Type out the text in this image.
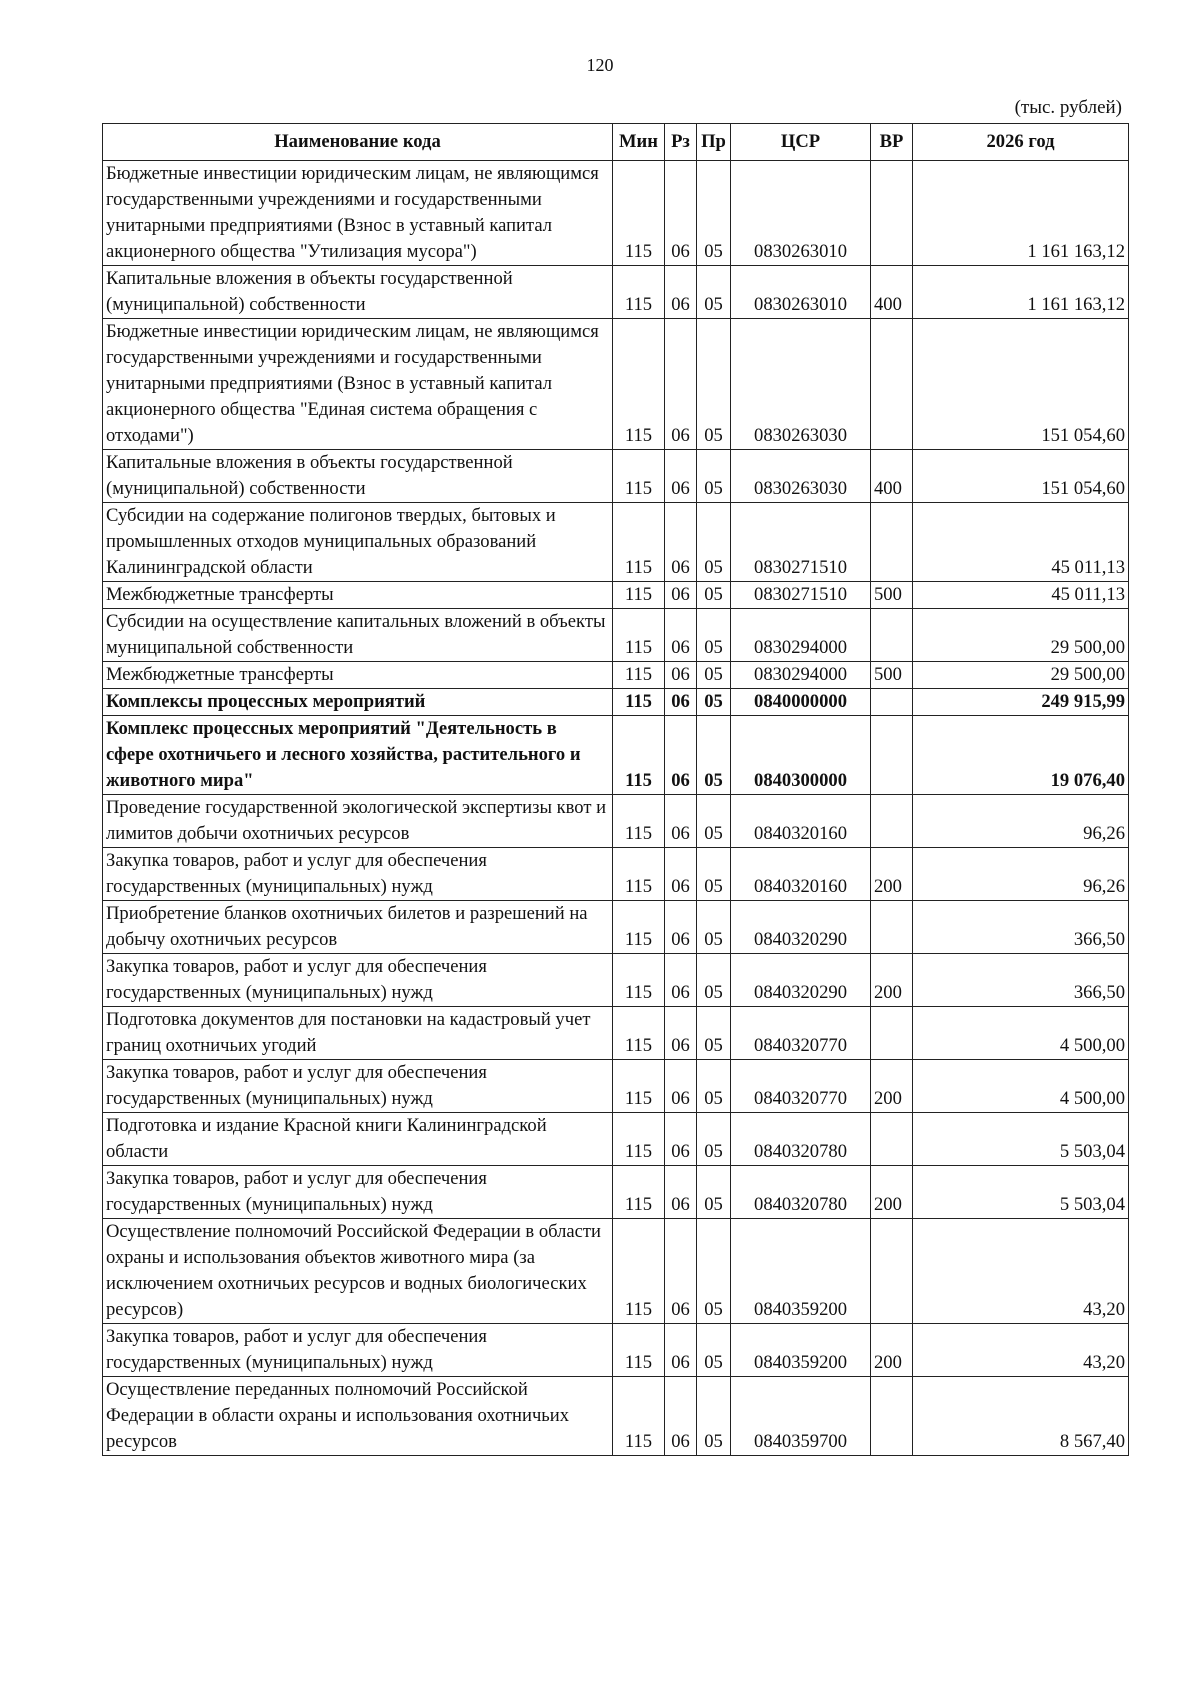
120
(тыс. рублей)
Наименование кода	Мин	Рз	Пр	ЦСР	ВР	2026 год
Бюджетные инвестиции юридическим лицам, не являющимся государственными учреждениями и государственными унитарными предприятиями (Взнос в уставный капитал акционерного общества "Утилизация мусора")	115	06	05	0830263010		1 161 163,12
Капитальные вложения в объекты государственной (муниципальной) собственности	115	06	05	0830263010	400	1 161 163,12
Бюджетные инвестиции юридическим лицам, не являющимся государственными учреждениями и государственными унитарными предприятиями (Взнос в уставный капитал акционерного общества "Единая система обращения с отходами")	115	06	05	0830263030		151 054,60
Капитальные вложения в объекты государственной (муниципальной) собственности	115	06	05	0830263030	400	151 054,60
Субсидии на содержание полигонов твердых, бытовых и промышленных отходов муниципальных образований Калининградской области	115	06	05	0830271510		45 011,13
Межбюджетные трансферты	115	06	05	0830271510	500	45 011,13
Субсидии на осуществление капитальных вложений в объекты муниципальной собственности	115	06	05	0830294000		29 500,00
Межбюджетные трансферты	115	06	05	0830294000	500	29 500,00
Комплексы процессных мероприятий	115	06	05	0840000000		249 915,99
Комплекс процессных мероприятий "Деятельность в сфере охотничьего и лесного хозяйства, растительного и животного мира"	115	06	05	0840300000		19 076,40
Проведение государственной экологической экспертизы квот и лимитов добычи охотничьих ресурсов	115	06	05	0840320160		96,26
Закупка товаров, работ и услуг для обеспечения государственных (муниципальных) нужд	115	06	05	0840320160	200	96,26
Приобретение бланков охотничьих билетов и разрешений на добычу охотничьих ресурсов	115	06	05	0840320290		366,50
Закупка товаров, работ и услуг для обеспечения государственных (муниципальных) нужд	115	06	05	0840320290	200	366,50
Подготовка документов для постановки на кадастровый учет границ охотничьих угодий	115	06	05	0840320770		4 500,00
Закупка товаров, работ и услуг для обеспечения государственных (муниципальных) нужд	115	06	05	0840320770	200	4 500,00
Подготовка и издание Красной книги Калининградской области	115	06	05	0840320780		5 503,04
Закупка товаров, работ и услуг для обеспечения государственных (муниципальных) нужд	115	06	05	0840320780	200	5 503,04
Осуществление полномочий Российской Федерации в области охраны и использования объектов животного мира (за исключением охотничьих ресурсов и водных биологических ресурсов)	115	06	05	0840359200		43,20
Закупка товаров, работ и услуг для обеспечения государственных (муниципальных) нужд	115	06	05	0840359200	200	43,20
Осуществление переданных полномочий Российской Федерации в области охраны и использования охотничьих ресурсов	115	06	05	0840359700		8 567,40
